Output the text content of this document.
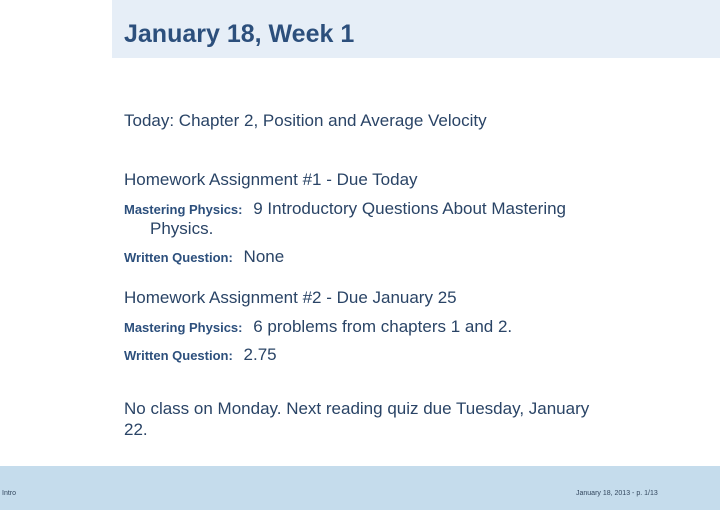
January 18, Week 1
Today: Chapter 2, Position and Average Velocity
Homework Assignment #1 - Due Today
Mastering Physics: 9 Introductory Questions About Mastering
Physics.
Written Question: None
Homework Assignment #2 - Due January 25
Mastering Physics: 6 problems from chapters 1 and 2.
Written Question: 2.75
No class on Monday. Next reading quiz due Tuesday, January
22.
Intro	January 18, 2013 - p. 1/13
